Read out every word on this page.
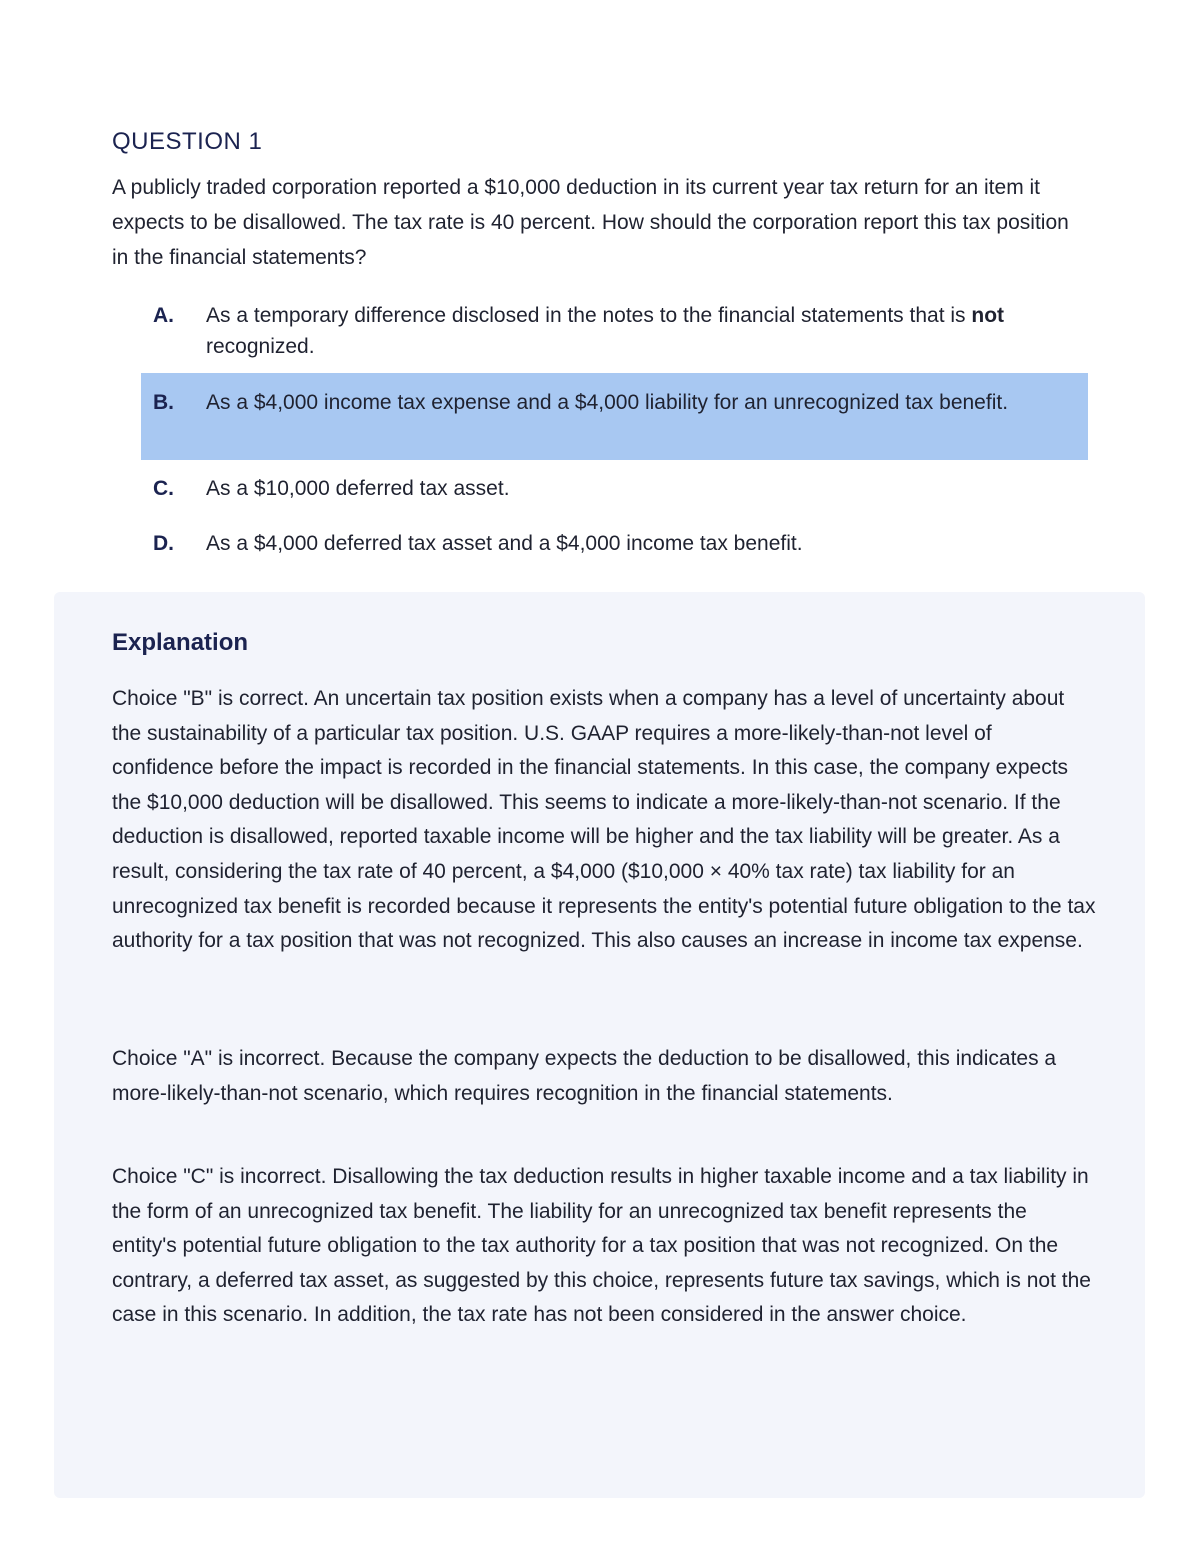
QUESTION 1

A publicly traded corporation reported a $10,000 deduction in its current year tax return for an item it expects to be disallowed. The tax rate is 40 percent. How should the corporation report this tax position in the financial statements?

A. As a temporary difference disclosed in the notes to the financial statements that is not recognized.
B. As a $4,000 income tax expense and a $4,000 liability for an unrecognized tax benefit.
C. As a $10,000 deferred tax asset.
D. As a $4,000 deferred tax asset and a $4,000 income tax benefit.
Explanation

Choice "B" is correct. An uncertain tax position exists when a company has a level of uncertainty about the sustainability of a particular tax position. U.S. GAAP requires a more-likely-than-not level of confidence before the impact is recorded in the financial statements. In this case, the company expects the $10,000 deduction will be disallowed. This seems to indicate a more-likely-than-not scenario. If the deduction is disallowed, reported taxable income will be higher and the tax liability will be greater. As a result, considering the tax rate of 40 percent, a $4,000 ($10,000 × 40% tax rate) tax liability for an unrecognized tax benefit is recorded because it represents the entity's potential future obligation to the tax authority for a tax position that was not recognized. This also causes an increase in income tax expense.

Choice "A" is incorrect. Because the company expects the deduction to be disallowed, this indicates a more-likely-than-not scenario, which requires recognition in the financial statements.

Choice "C" is incorrect. Disallowing the tax deduction results in higher taxable income and a tax liability in the form of an unrecognized tax benefit. The liability for an unrecognized tax benefit represents the entity's potential future obligation to the tax authority for a tax position that was not recognized. On the contrary, a deferred tax asset, as suggested by this choice, represents future tax savings, which is not the case in this scenario. In addition, the tax rate has not been considered in the answer choice.
